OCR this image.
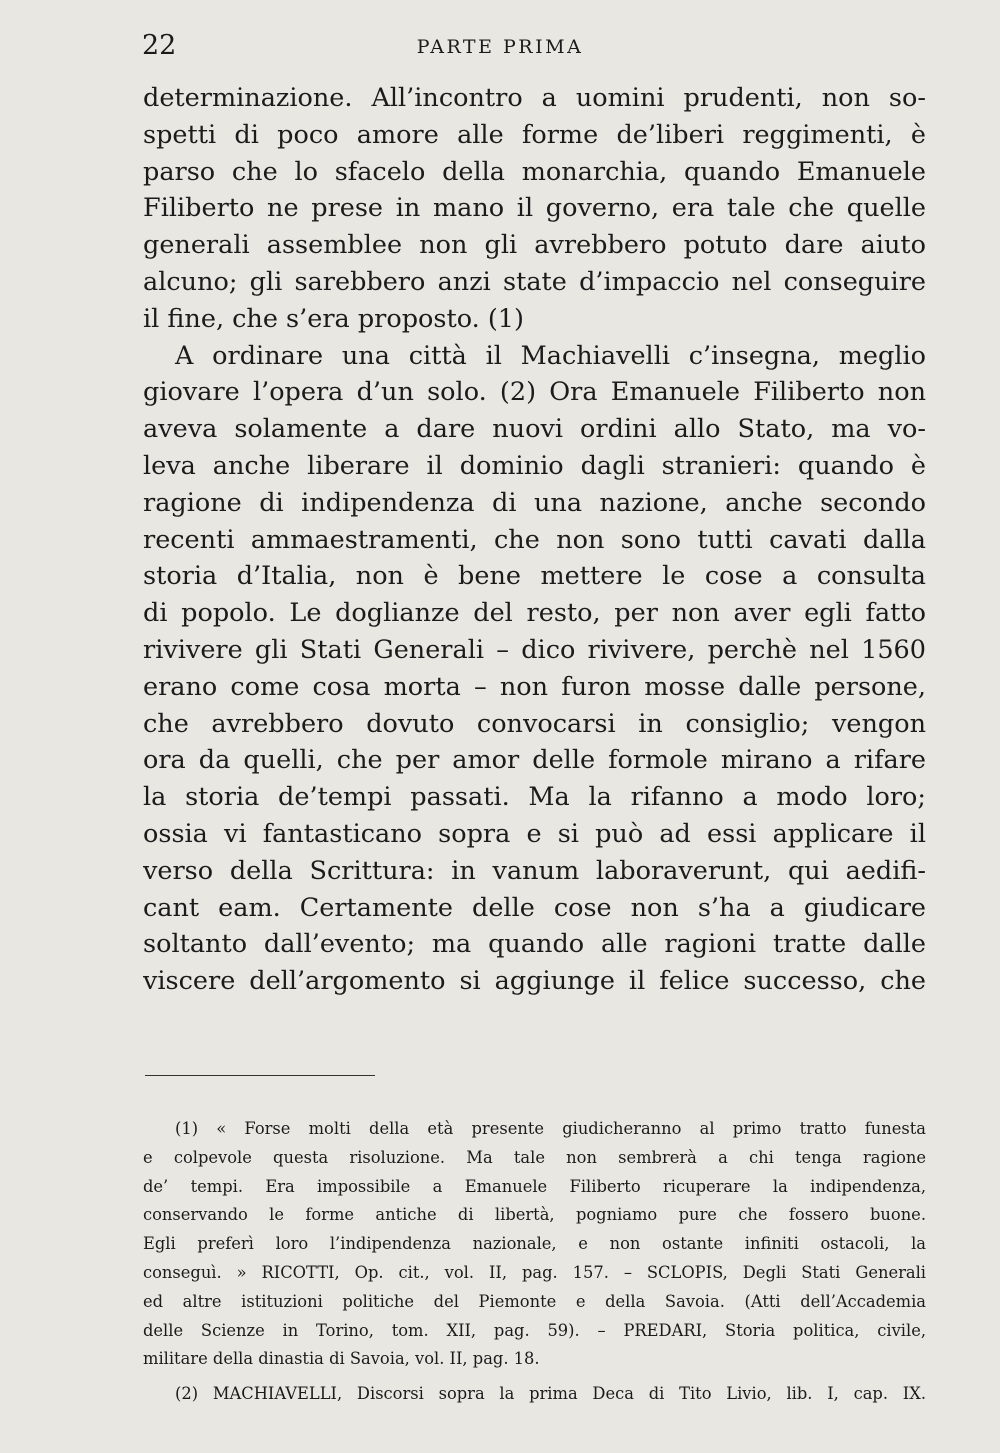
22	PARTE PRIMA
determinazione. All’incontro a uomini prudenti, non so-
spetti di poco amore alle forme de’liberi reggimenti, è
parso che lo sfacelo della monarchia, quando Emanuele
Filiberto ne prese in mano il governo, era tale che quelle
generali assemblee non gli avrebbero potuto dare aiuto
alcuno; gli sarebbero anzi state d’impaccio nel conseguire
il fine, che s’era proposto. (1)
A ordinare una città il Machiavelli c’insegna, meglio
giovare l’opera d’un solo. (2) Ora Emanuele Filiberto non
aveva solamente a dare nuovi ordini allo Stato, ma vo-
leva anche liberare il dominio dagli stranieri: quando è
ragione di indipendenza di una nazione, anche secondo
recenti ammaestramenti, che non sono tutti cavati dalla
storia d’Italia, non è bene mettere le cose a consulta
di popolo. Le doglianze del resto, per non aver egli fatto
rivivere gli Stati Generali – dico rivivere, perchè nel 1560
erano come cosa morta – non furon mosse dalle persone,
che avrebbero dovuto convocarsi in consiglio; vengon
ora da quelli, che per amor delle formole mirano a rifare
la storia de’tempi passati. Ma la rifanno a modo loro;
ossia vi fantasticano sopra e si può ad essi applicare il
verso della Scrittura: in vanum laboraverunt, qui aedifi-
cant eam. Certamente delle cose non s’ha a giudicare
soltanto dall’evento; ma quando alle ragioni tratte dalle
viscere dell’argomento si aggiunge il felice successo, che
(1) « Forse molti della età presente giudicheranno al primo tratto funesta
e colpevole questa risoluzione. Ma tale non sembrerà a chi tenga ragione
de’ tempi. Era impossibile a Emanuele Filiberto ricuperare la indipendenza,
conservando le forme antiche di libertà, pogniamo pure che fossero buone.
Egli preferì loro l’indipendenza nazionale, e non ostante infiniti ostacoli, la
conseguì. » RICOTTI, Op. cit., vol. II, pag. 157. – SCLOPIS, Degli Stati Generali
ed altre istituzioni politiche del Piemonte e della Savoia. (Atti dell’Accademia
delle Scienze in Torino, tom. XII, pag. 59). – PREDARI, Storia politica, civile,
militare della dinastia di Savoia, vol. II, pag. 18.
(2) MACHIAVELLI, Discorsi sopra la prima Deca di Tito Livio, lib. I, cap. IX.
